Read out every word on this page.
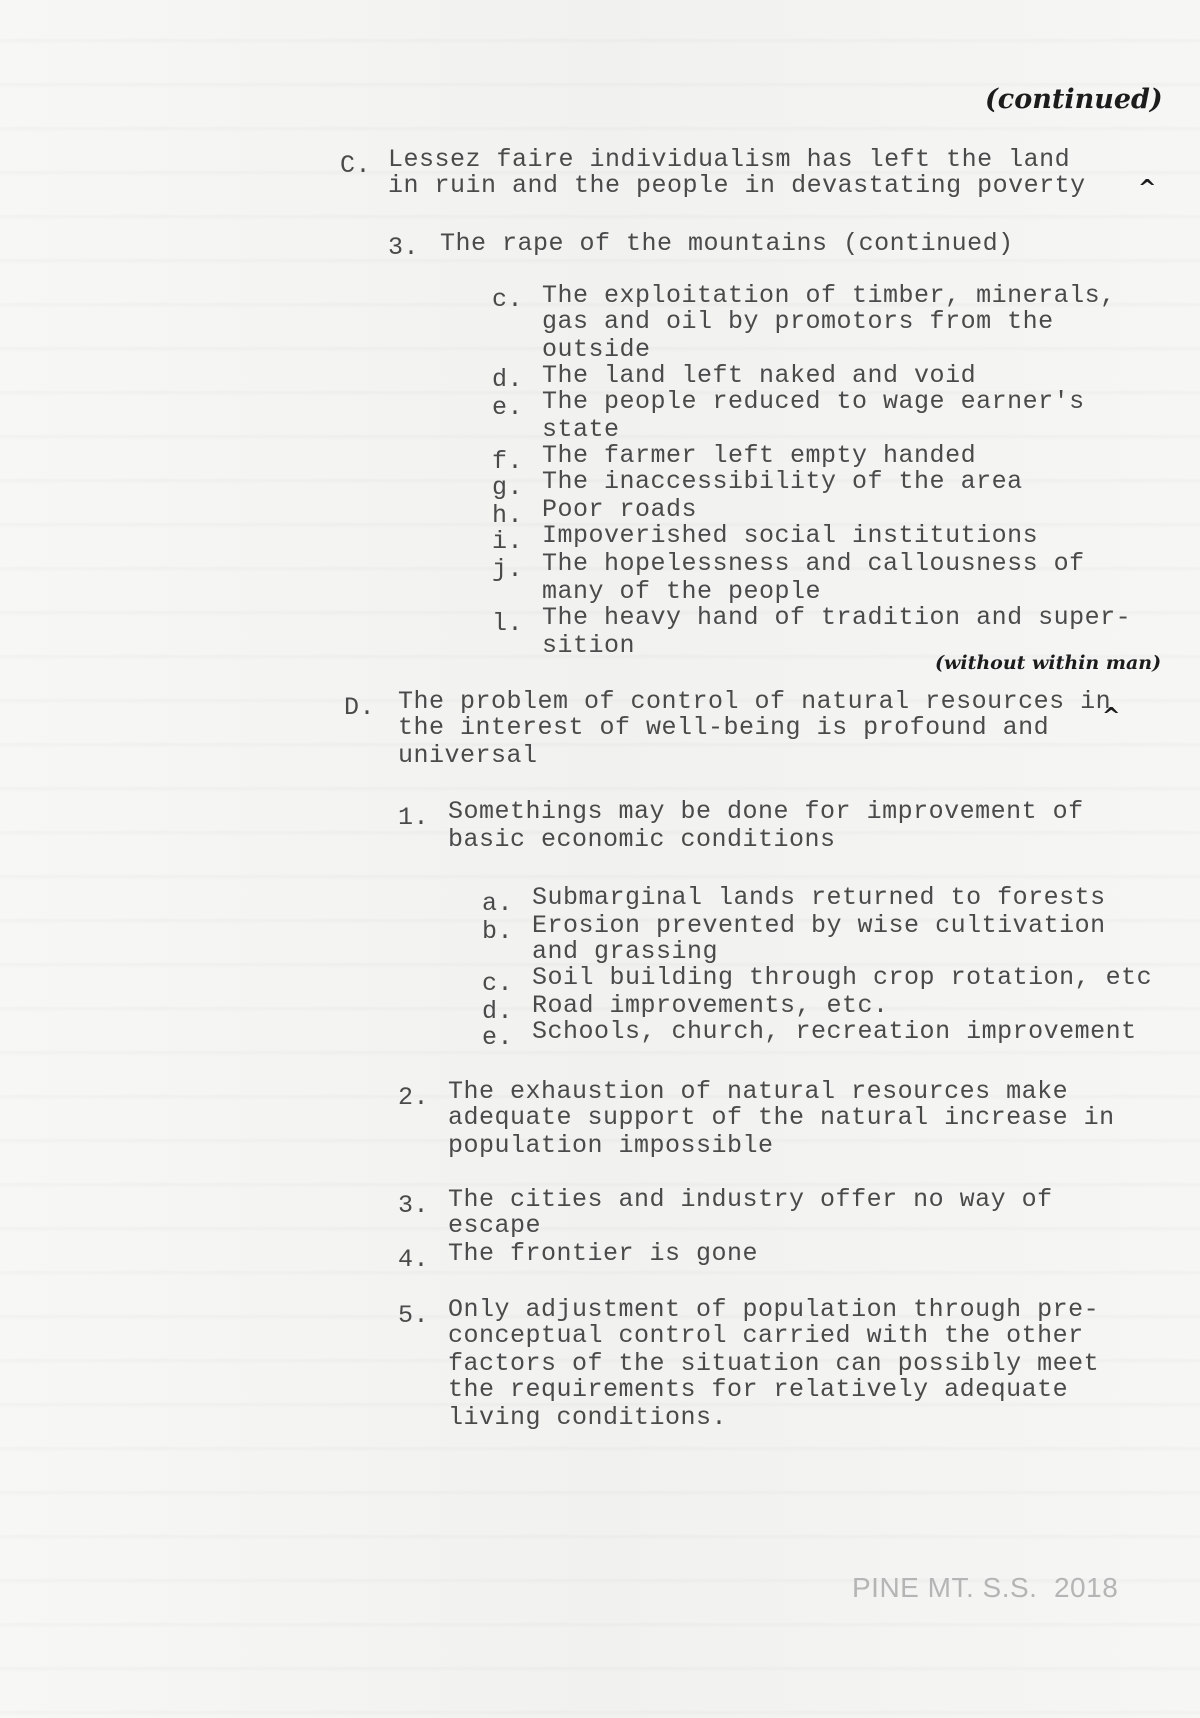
(continued)
C. Lessez faire individualism has left the land
in ruin and the people in devastating poverty ^
3. The rape of the mountains (continued)
c. The exploitation of timber, minerals,
gas and oil by promotors from the
outside
d. The land left naked and void
e. The people reduced to wage earner's
state
f. The farmer left empty handed
g. The inaccessibility of the area
h. Poor roads
i. Impoverished social institutions
j. The hopelessness and callousness of
many of the people
l. The heavy hand of tradition and super-
sition
(without within man)
D. The problem of control of natural resources in
the interest of well-being is profound and
universal
^
1. Somethings may be done for improvement of
basic economic conditions
a. Submarginal lands returned to forests
b. Erosion prevented by wise cultivation
and grassing
c. Soil building through crop rotation, etc
d. Road improvements, etc.
e. Schools, church, recreation improvement
2. The exhaustion of natural resources make
adequate support of the natural increase in
population impossible
3. The cities and industry offer no way of
escape
4. The frontier is gone
5. Only adjustment of population through pre-
conceptual control carried with the other
factors of the situation can possibly meet
the requirements for relatively adequate
living conditions.
PINE MT. S.S.  2018
